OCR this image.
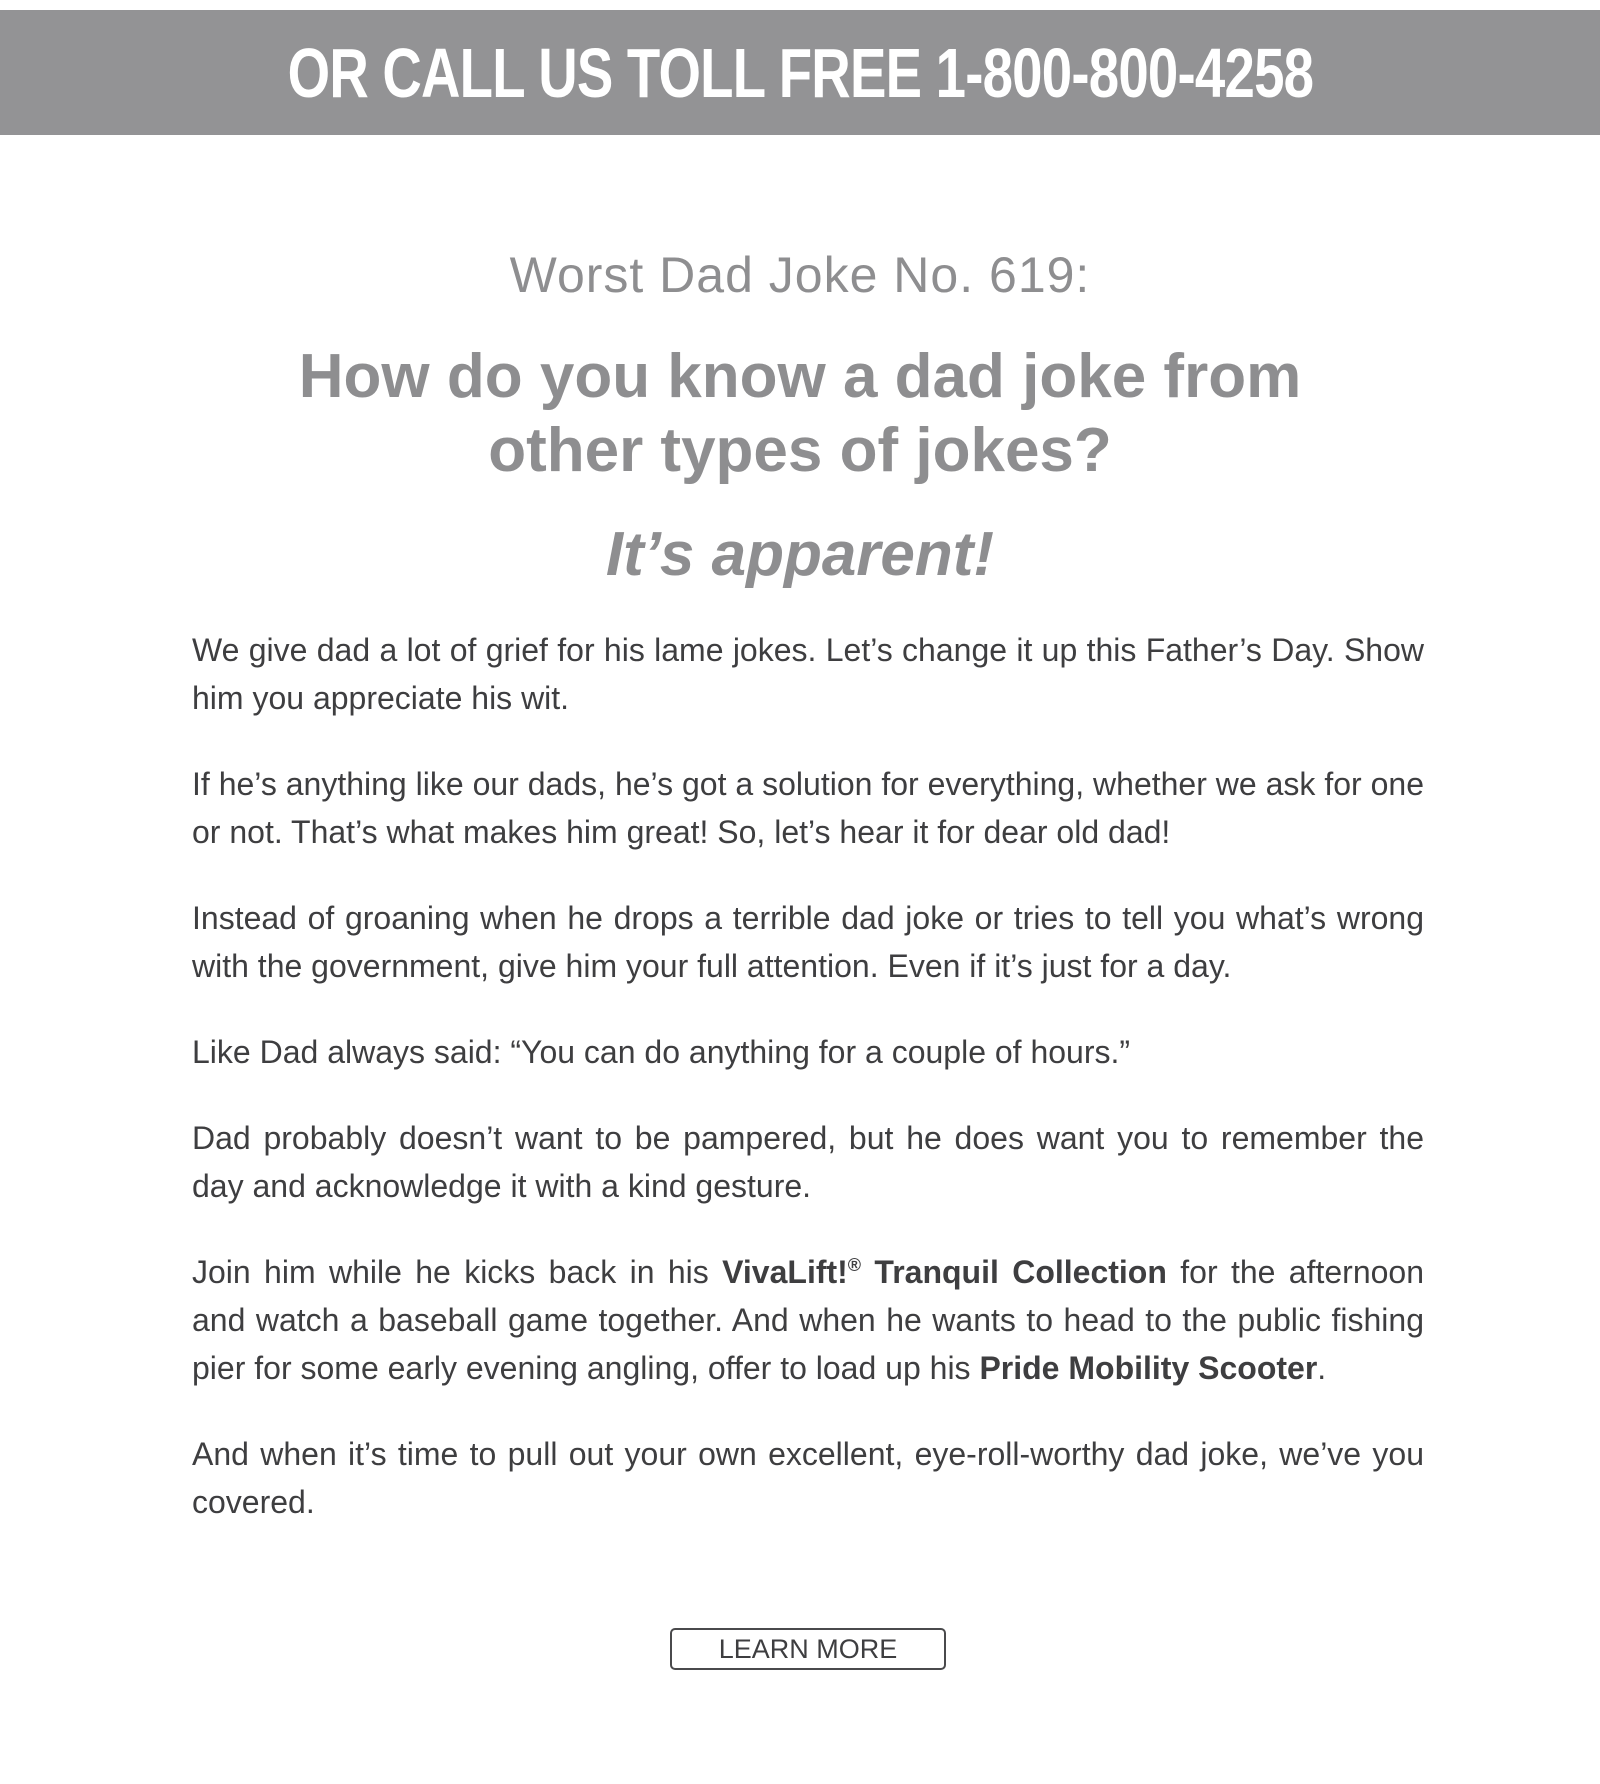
OR CALL US TOLL FREE 1-800-800-4258
Worst Dad Joke No. 619:
How do you know a dad joke from
other types of jokes?
It’s apparent!

We give dad a lot of grief for his lame jokes. Let’s change it up this Father’s Day. Show him you appreciate his wit.

If he’s anything like our dads, he’s got a solution for everything, whether we ask for one or not. That’s what makes him great! So, let’s hear it for dear old dad!

Instead of groaning when he drops a terrible dad joke or tries to tell you what’s wrong with the government, give him your full attention. Even if it’s just for a day.

Like Dad always said: “You can do anything for a couple of hours.”

Dad probably doesn’t want to be pampered, but he does want you to remember the day and acknowledge it with a kind gesture.

Join him while he kicks back in his VivaLift!® Tranquil Collection for the afternoon and watch a baseball game together. And when he wants to head to the public fishing pier for some early evening angling, offer to load up his Pride Mobility Scooter.

And when it’s time to pull out your own excellent, eye-roll-worthy dad joke, we’ve you covered.

LEARN MORE
